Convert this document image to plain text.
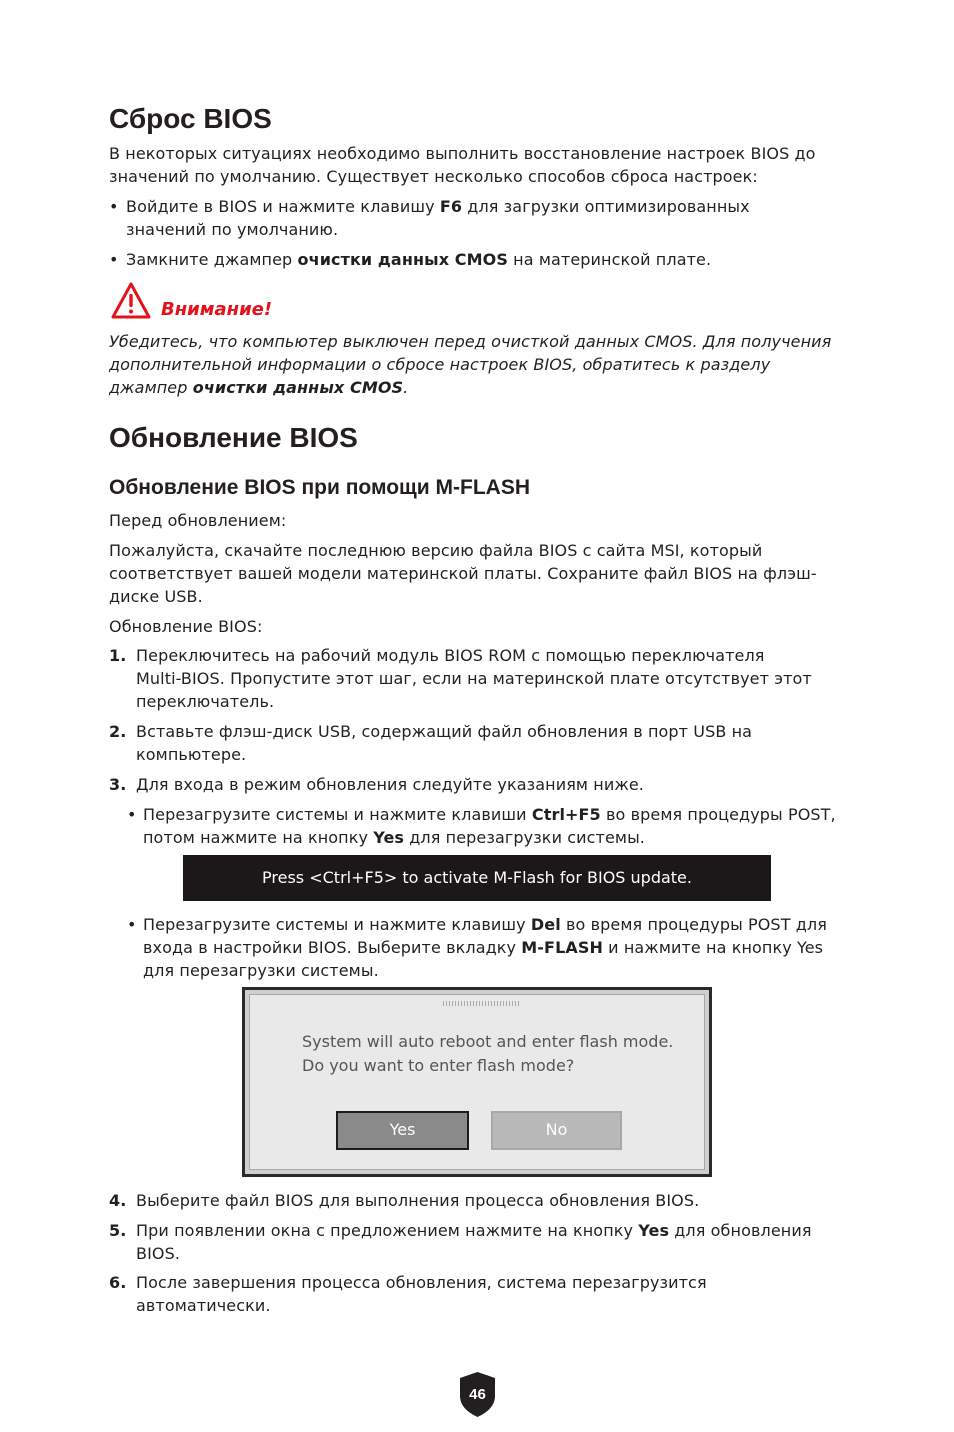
Сброс BIOS

В некоторых ситуациях необходимо выполнить восстановление настроек BIOS до

значений по умолчанию. Существует несколько способов сброса настроек:

• Войдите в BIOS и нажмите клавишу F6 для загрузки оптимизированных
значений по умолчанию.
• Замкните джампер очистки данных CMOS на материнской плате.
Внимание!

Убедитесь, что компьютер выключен перед очисткой данных CMOS. Для получения

дополнительной информации о сбросе настроек BIOS, обратитесь к разделу

джампер очистки данных CMOS.

Обновление BIOS
Обновление BIOS при помощи M-FLASH

Перед обновлением:

Пожалуйста, скачайте последнюю версию файла BIOS с сайта MSI, который

соответствует вашей модели материнской платы. Сохраните файл BIOS на флэш-

диске USB.

Обновление BIOS:

1. Переключитесь на рабочий модуль BIOS ROM с помощью переключателя
Multi-BIOS. Пропустите этот шаг, если на материнской плате отсутствует этот
переключатель.
2. Вставьте флэш-диск USB, содержащий файл обновления в порт USB на
компьютере.
3. Для входа в режим обновления следуйте указаниям ниже.
• Перезагрузите системы и нажмите клавиши Ctrl+F5 во время процедуры POST,
потом нажмите на кнопку Yes для перезагрузки системы.
Press <Ctrl+F5> to activate M-Flash for BIOS update.
• Перезагрузите системы и нажмите клавишу Del во время процедуры POST для
входа в настройки BIOS. Выберите вкладку M-FLASH и нажмите на кнопку Yes
для перезагрузки системы.
System will auto reboot and enter flash mode.
Do you want to enter flash mode?
Yes	No
4. Выберите файл BIOS для выполнения процесса обновления BIOS.
5. При появлении окна с предложением нажмите на кнопку Yes для обновления
BIOS.
6. После завершения процесса обновления, система перезагрузится
автоматически.
46
